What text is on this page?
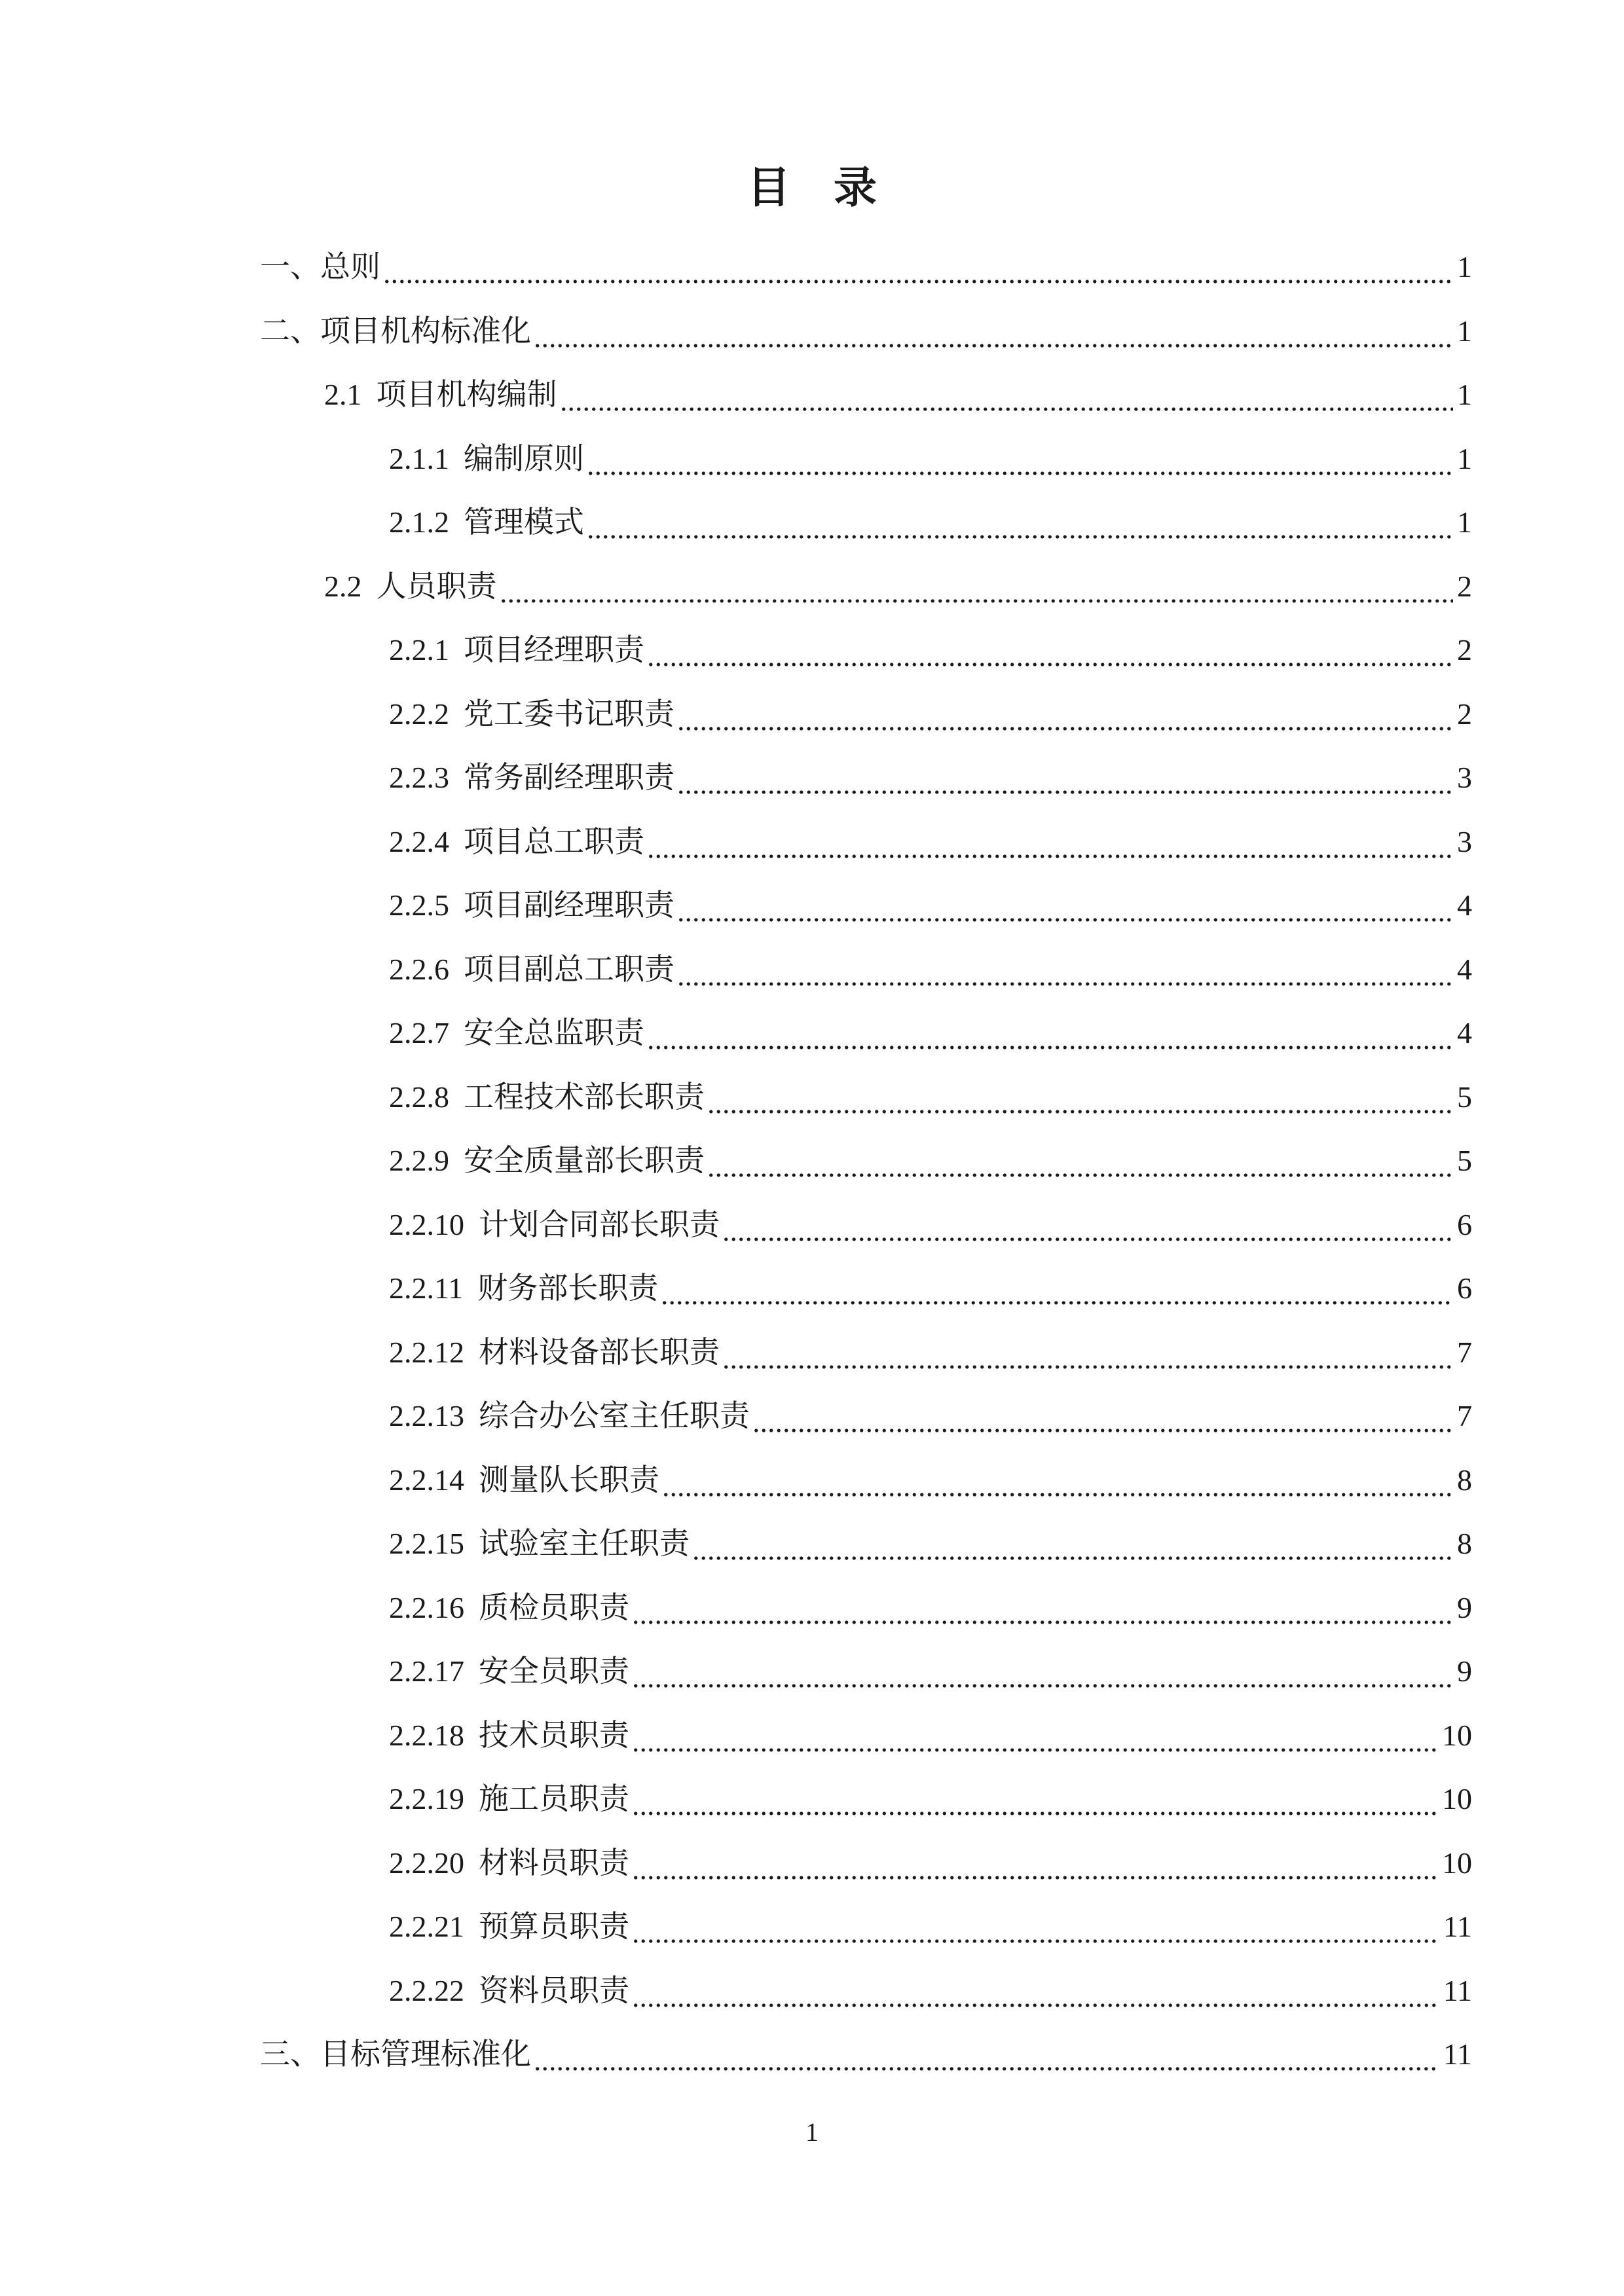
目　录
一、 总则	1
二、 项目机构标准化	1
2.1 项目机构编制	1
2.1.1 编制原则	1
2.1.2 管理模式	1
2.2 人员职责	2
2.2.1 项目经理职责	2
2.2.2 党工委书记职责	2
2.2.3 常务副经理职责	3
2.2.4 项目总工职责	3
2.2.5 项目副经理职责	4
2.2.6 项目副总工职责	4
2.2.7 安全总监职责	4
2.2.8 工程技术部长职责	5
2.2.9 安全质量部长职责	5
2.2.10 计划合同部长职责	6
2.2.11 财务部长职责	6
2.2.12 材料设备部长职责	7
2.2.13 综合办公室主任职责	7
2.2.14 测量队长职责	8
2.2.15 试验室主任职责	8
2.2.16 质检员职责	9
2.2.17 安全员职责	9
2.2.18 技术员职责	10
2.2.19 施工员职责	10
2.2.20 材料员职责	10
2.2.21 预算员职责	11
2.2.22 资料员职责	11
三、 目标管理标准化	11
1
